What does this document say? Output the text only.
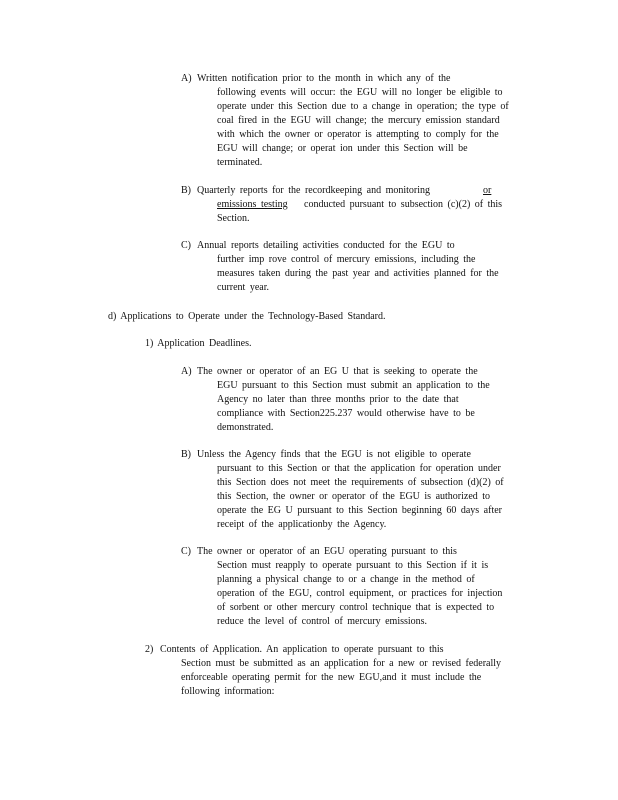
A) Written notification prior to the month in which any of the
following events will occur: the EGU will no longer be eligible to
operate under this Section due to a change in operation; the type of
coal fired in the EGU will change; the mercury emission standard
with which the owner or operator is attempting to comply for the
EGU will change; or operat ion under this Section will be
terminated.
B) Quarterly reports for the recordkeeping and monitoring	or
emissions testing conducted pursuant to subsection (c)(2) of this
Section.
C) Annual reports detailing activities conducted for the EGU to
further imp rove control of mercury emissions, including the
measures taken during the past year and activities planned for the
current year.
d) Applications to Operate under the Technology-Based Standard.
1) Application Deadlines.
A) The owner or operator of an EG U that is seeking to operate the
EGU pursuant to this Section must submit an application to the
Agency no later than three months prior to the date that
compliance with Section225.237 would otherwise have to be
demonstrated.
B) Unless the Agency finds that the EGU is not eligible to operate
pursuant to this Section or that the application for operation under
this Section does not meet the requirements of subsection (d)(2) of
this Section, the owner or operator of the EGU is authorized to
operate the EG U pursuant to this Section beginning 60 days after
receipt of the applicationby the Agency.
C) The owner or operator of an EGU operating pursuant to this
Section must reapply to operate pursuant to this Section if it is
planning a physical change to or a change in the method of
operation of the EGU, control equipment, or practices for injection
of sorbent or other mercury control technique that is expected to
reduce the level of control of mercury emissions.
2) Contents of Application. An application to operate pursuant to this
Section must be submitted as an application for a new or revised federally
enforceable operating permit for the new EGU,and it must include the
following information:
